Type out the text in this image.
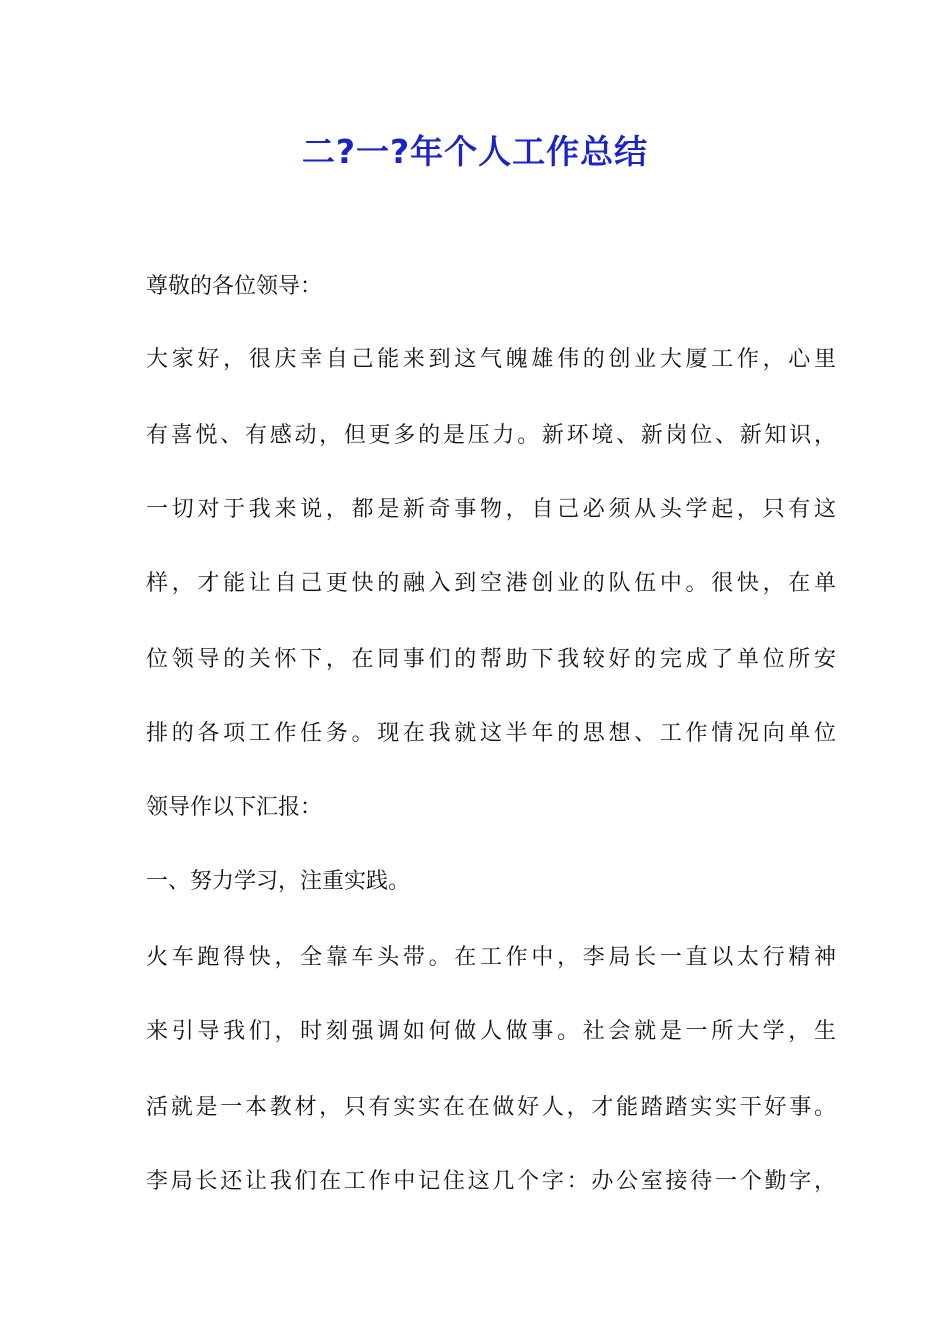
二?一?年个人工作总结
尊敬的各位领导：
大家好，很庆幸自己能来到这气魄雄伟的创业大厦工作，心里
有喜悦、有感动，但更多的是压力。新环境、新岗位、新知识，
一切对于我来说，都是新奇事物，自己必须从头学起，只有这
样，才能让自己更快的融入到空港创业的队伍中。很快，在单
位领导的关怀下，在同事们的帮助下我较好的完成了单位所安
排的各项工作任务。现在我就这半年的思想、工作情况向单位
领导作以下汇报：
一、努力学习，注重实践。
火车跑得快，全靠车头带。在工作中，李局长一直以太行精神
来引导我们，时刻强调如何做人做事。社会就是一所大学，生
活就是一本教材，只有实实在在做好人，才能踏踏实实干好事。
李局长还让我们在工作中记住这几个字：办公室接待一个勤字，
